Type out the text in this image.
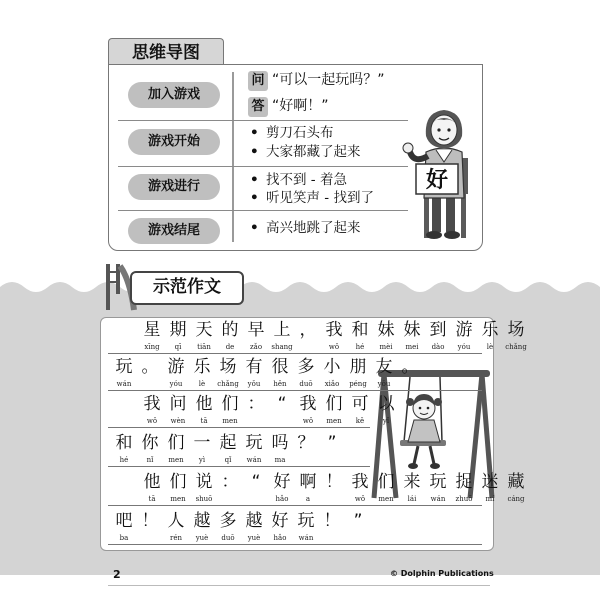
思维导图
加入游戏
游戏开始
游戏进行
游戏结尾
问 “可以一起玩吗？”
答 “好啊！”
• 剪刀石头布
• 大家都藏了起来
• 找不到 - 着急
• 听见笑声 - 找到了
• 高兴地跳了起来
好
示范作文
星
xīng
期
qī
天
tiān
的
de
早
zǎo
上
shang
， 我
wǒ
和
hé
妹
mèi
妹
mei
到
dào
游
yóu
乐
lè
场
chǎng
玩
wán
。 游
yóu
乐
lè
场
chǎng
有
yǒu
很
hěn
多
duō
小
xiǎo
朋
péng
友
yǒu
。
我
wǒ
问
wèn
他
tā
们
men
： “ 我
wǒ
们
men
可
kě
以
yǐ
和
hé
你
nǐ
们
men
一
yì
起
qǐ
玩
wán
吗
ma
？ ”
他
tā
们
men
说
shuō
： “ 好
hǎo
啊
a
！ 我
wǒ
们
men
来
lái
玩
wán
捉
zhuō
迷
mí
藏
cáng
吧
ba
！ 人
rén
越
yuè
多
duō
越
yuè
好
hǎo
玩
wán
！ ”
2	© Dolphin Publications
